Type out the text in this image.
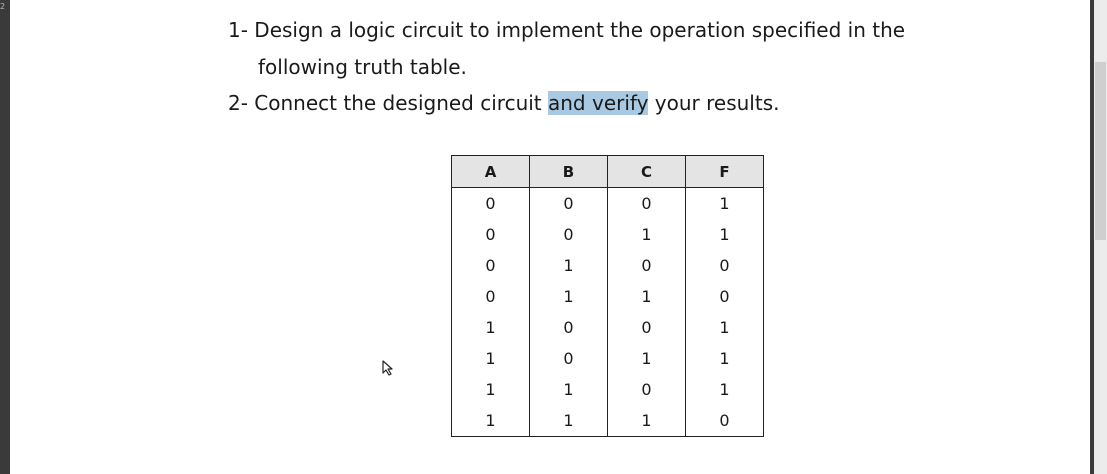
2
1- Design a logic circuit to implement the operation specified in the
following truth table.
2- Connect the designed circuit and verify your results.
A	B	C	F
0	0	0	1
0	0	1	1
0	1	0	0
0	1	1	0
1	0	0	1
1	0	1	1
1	1	0	1
1	1	1	0
